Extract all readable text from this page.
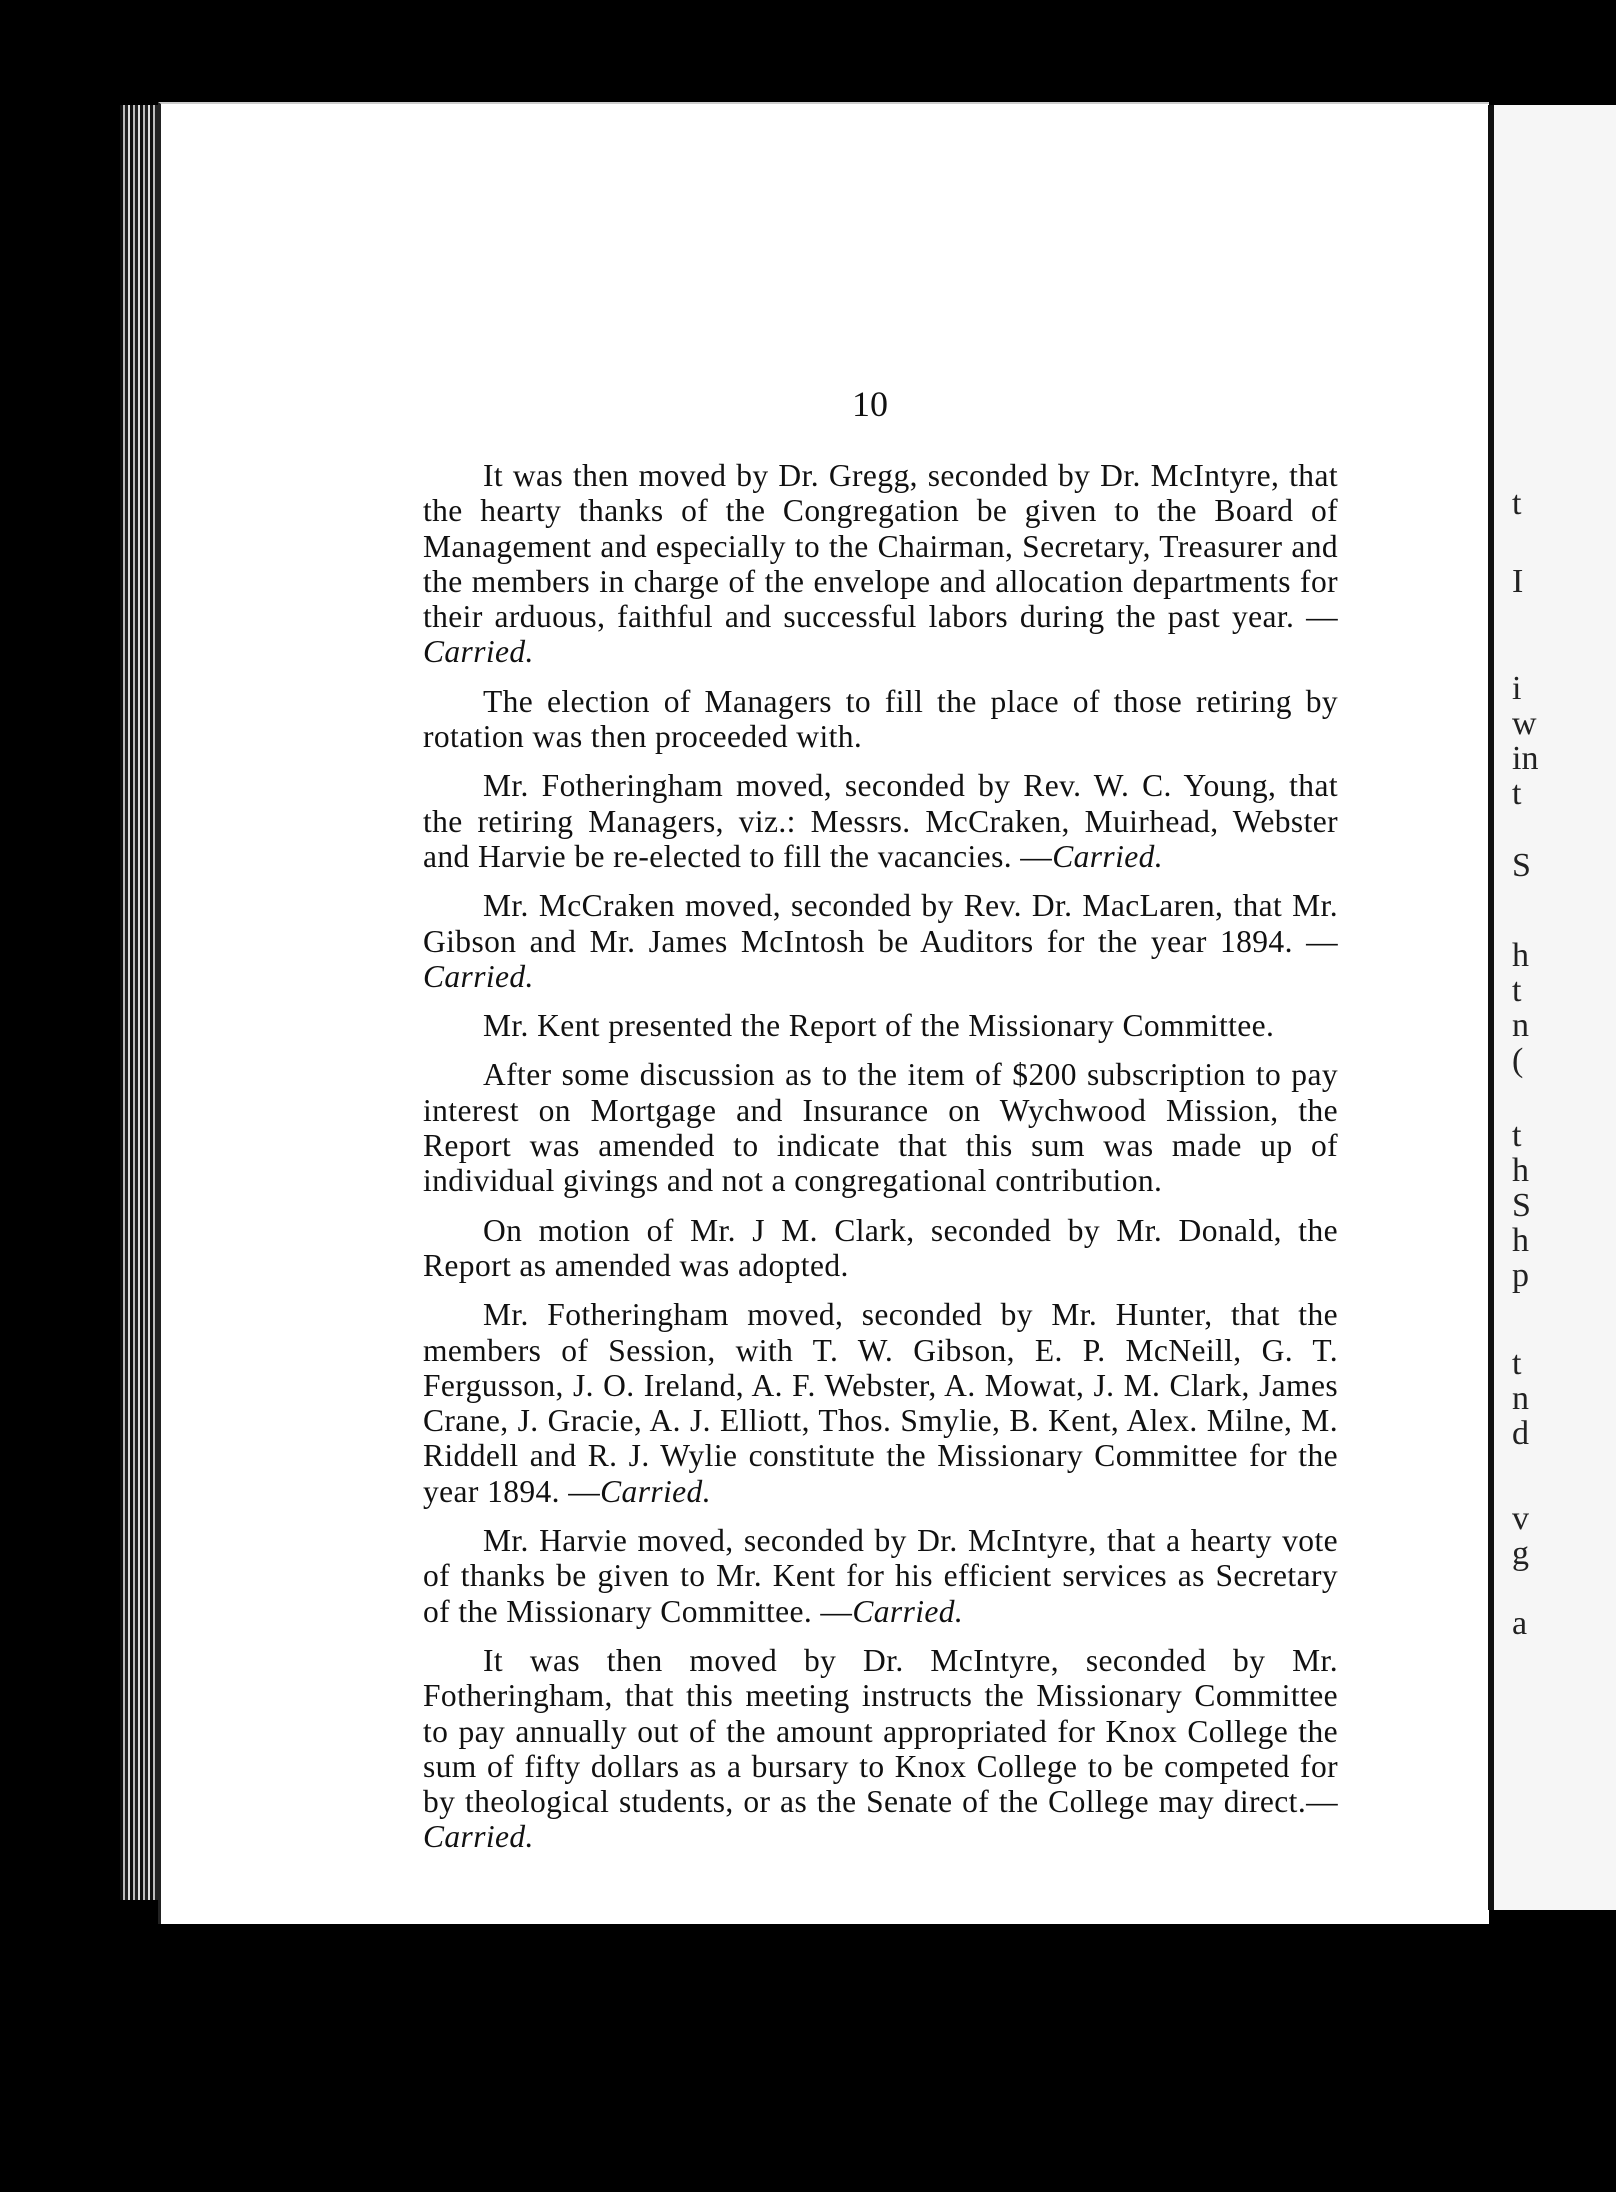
t
I
i
w
in
t
S
h
t
n
(
t
h
S
h
p
t
n
d
v
g
a
10

It was then moved by Dr. Gregg, seconded by Dr. McIntyre, that the hearty thanks of the Congregation be given to the Board of Management and especially to the Chairman, Secretary, Treasurer and the members in charge of the envelope and allocation departments for their arduous, faithful and successful labors during the past year. —Carried.

The election of Managers to fill the place of those retiring by rotation was then proceeded with.

Mr. Fotheringham moved, seconded by Rev. W. C. Young, that the retiring Managers, viz.: Messrs. McCraken, Muirhead, Webster and Harvie be re-elected to fill the vacancies. —Carried.

Mr. McCraken moved, seconded by Rev. Dr. MacLaren, that Mr. Gibson and Mr. James McIntosh be Auditors for the year 1894. —Carried.

Mr. Kent presented the Report of the Missionary Committee.

After some discussion as to the item of $200 subscription to pay interest on Mortgage and Insurance on Wychwood Mission, the Report was amended to indicate that this sum was made up of individual givings and not a congregational contribution.

On motion of Mr. J M. Clark, seconded by Mr. Donald, the Report as amended was adopted.

Mr. Fotheringham moved, seconded by Mr. Hunter, that the members of Session, with T. W. Gibson, E. P. McNeill, G. T. Fergusson, J. O. Ireland, A. F. Webster, A. Mowat, J. M. Clark, James Crane, J. Gracie, A. J. Elliott, Thos. Smylie, B. Kent, Alex. Milne, M. Riddell and R. J. Wylie constitute the Missionary Committee for the year 1894. —Carried.

Mr. Harvie moved, seconded by Dr. McIntyre, that a hearty vote of thanks be given to Mr. Kent for his efficient services as Secretary of the Missionary Committee. —Carried.

It was then moved by Dr. McIntyre, seconded by Mr. Fotheringham, that this meeting instructs the Missionary Committee to pay annually out of the amount appropriated for Knox College the sum of fifty dollars as a bursary to Knox College to be competed for by theological students, or as the Senate of the College may direct.—Carried.
